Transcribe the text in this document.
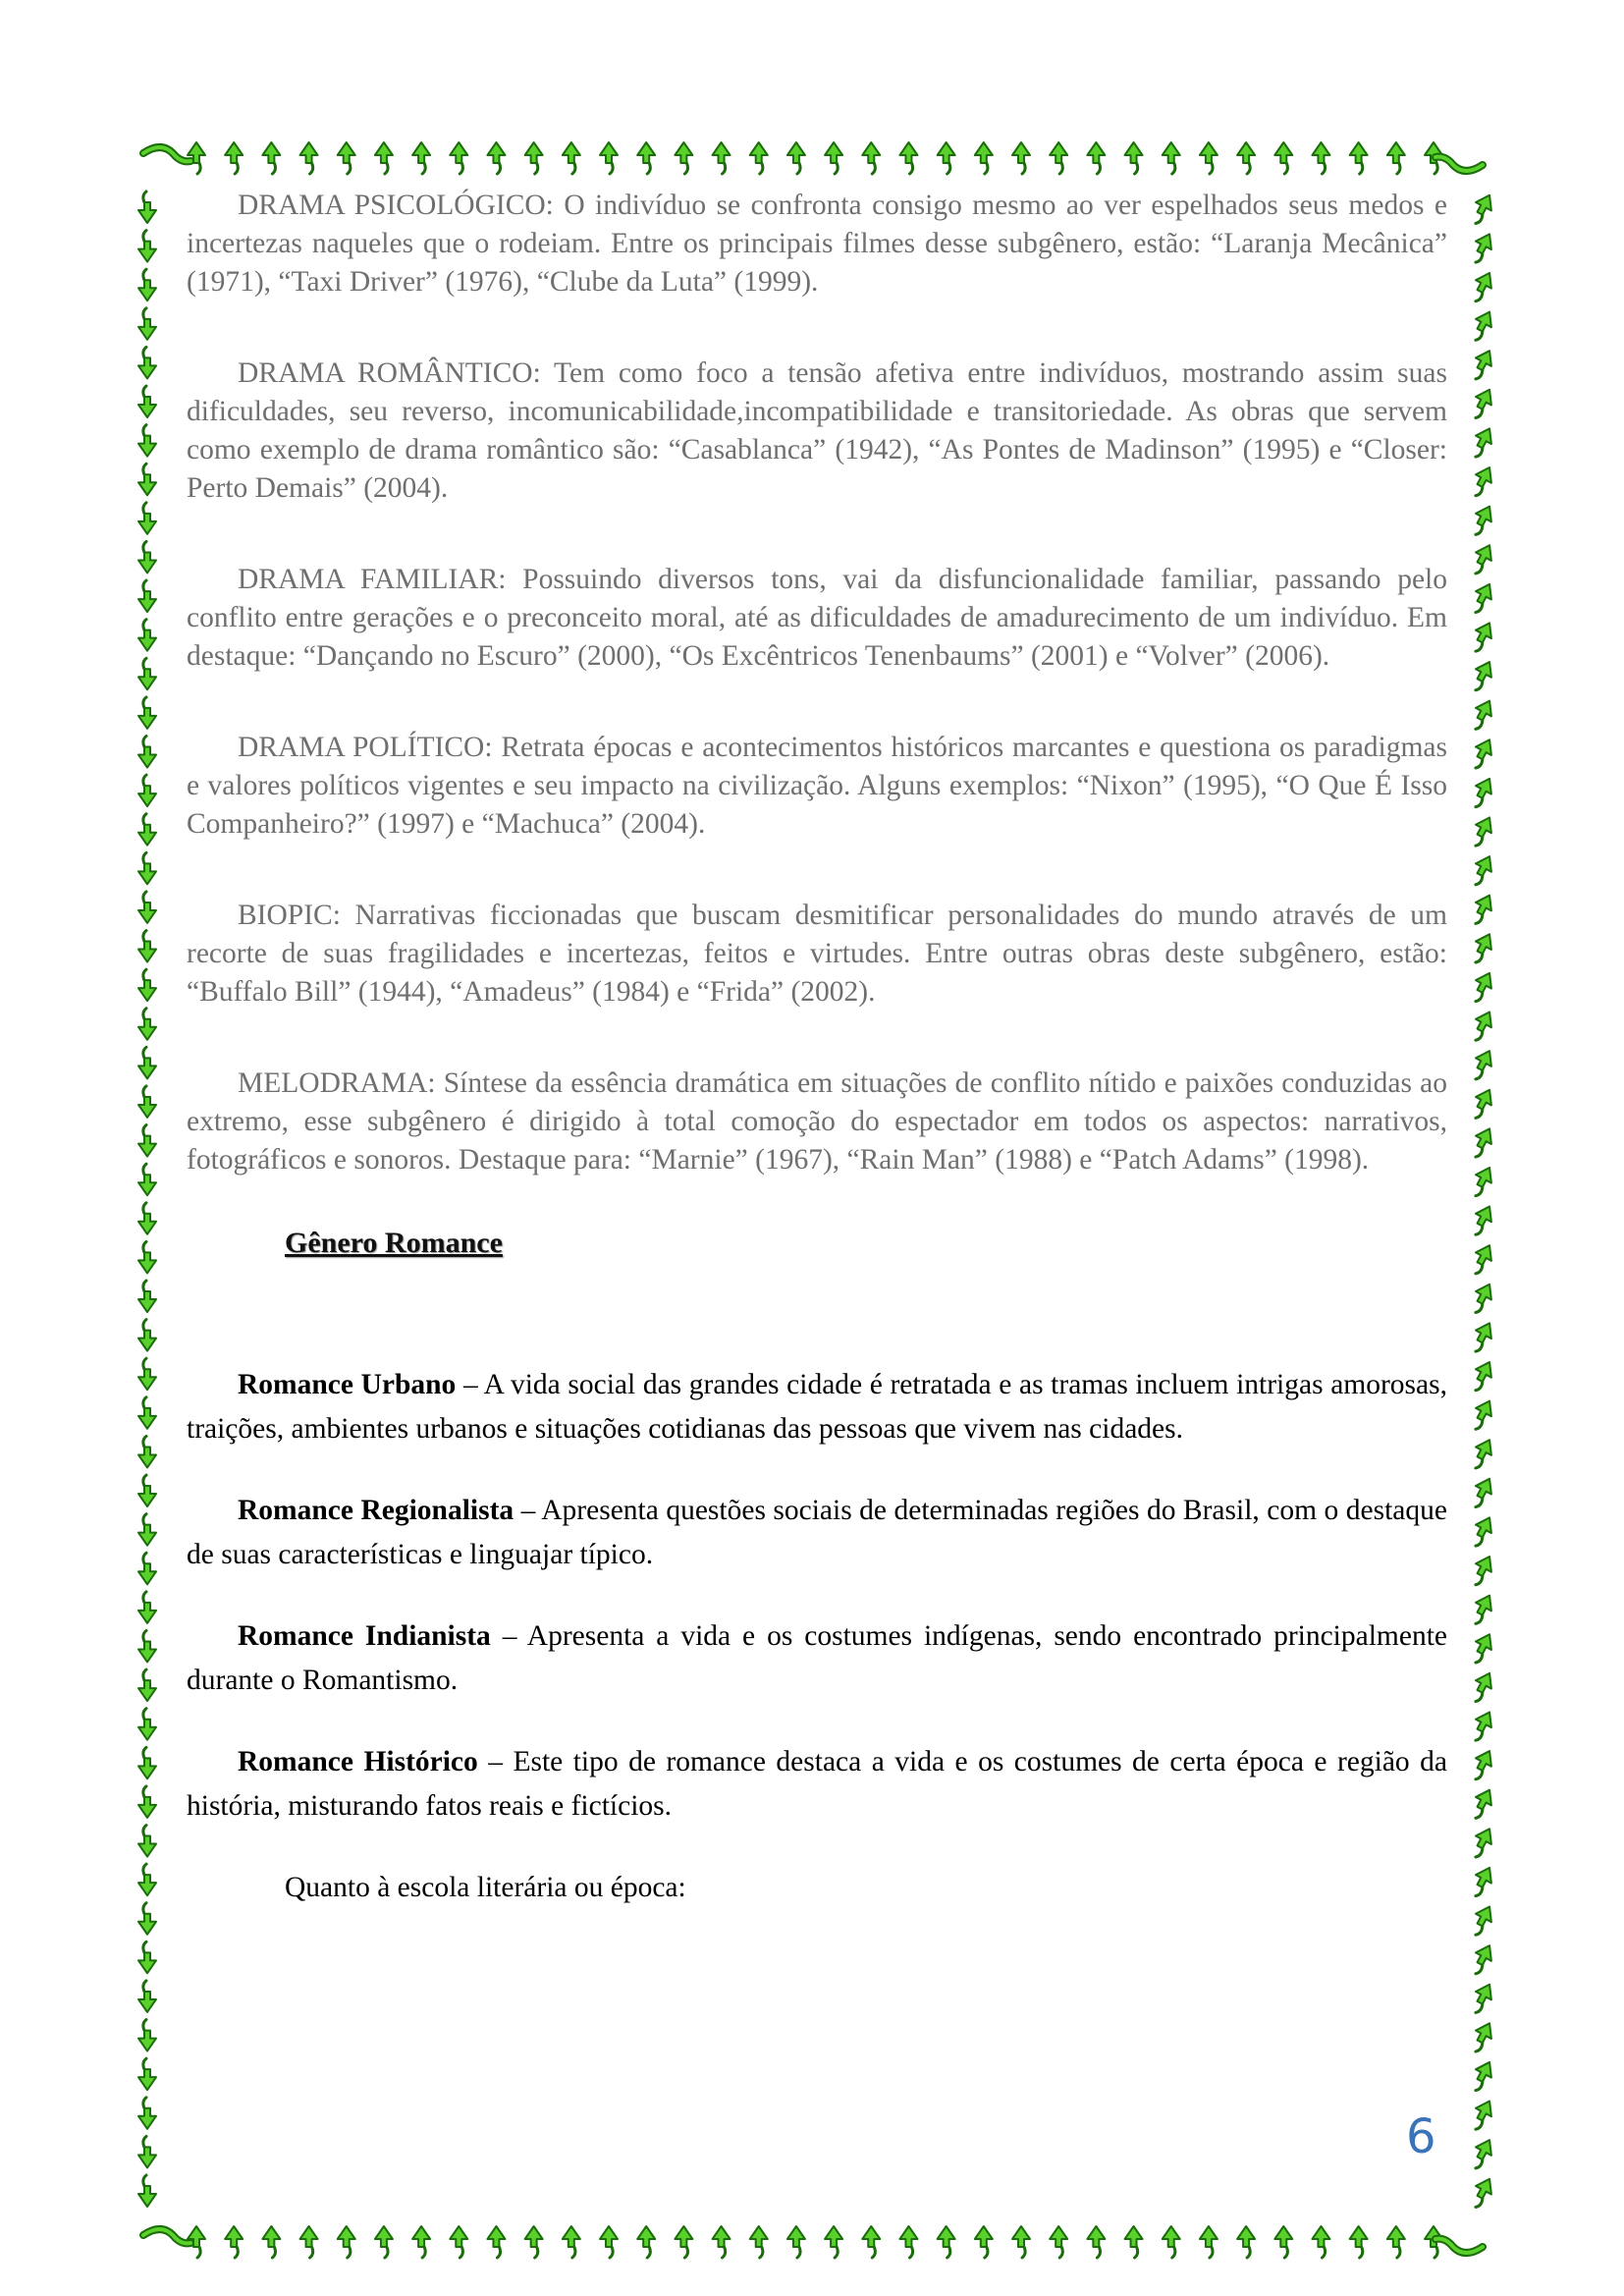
DRAMA PSICOLÓGICO: O indivíduo se confronta consigo mesmo ao ver espelhados seus medos e incertezas naqueles que o rodeiam. Entre os principais filmes desse subgênero, estão: “Laranja Mecânica” (1971), “Taxi Driver” (1976), “Clube da Luta” (1999).

DRAMA ROMÂNTICO: Tem como foco a tensão afetiva entre indivíduos, mostrando assim suas dificuldades, seu reverso, incomunicabilidade,incompatibilidade e transitoriedade. As obras que servem como exemplo de drama romântico são: “Casablanca” (1942), “As Pontes de Madinson” (1995) e “Closer: Perto Demais” (2004).

DRAMA FAMILIAR: Possuindo diversos tons, vai da disfuncionalidade familiar, passando pelo conflito entre gerações e o preconceito moral, até as dificuldades de amadurecimento de um indivíduo. Em destaque: “Dançando no Escuro” (2000), “Os Excêntricos Tenenbaums” (2001) e “Volver” (2006).

DRAMA POLÍTICO: Retrata épocas e acontecimentos históricos marcantes e questiona os paradigmas e valores políticos vigentes e seu impacto na civilização. Alguns exemplos: “Nixon” (1995), “O Que É Isso Companheiro?” (1997) e “Machuca” (2004).

BIOPIC: Narrativas ficcionadas que buscam desmitificar personalidades do mundo através de um recorte de suas fragilidades e incertezas, feitos e virtudes. Entre outras obras deste subgênero, estão: “Buffalo Bill” (1944), “Amadeus” (1984) e “Frida” (2002).

MELODRAMA: Síntese da essência dramática em situações de conflito nítido e paixões conduzidas ao extremo, esse subgênero é dirigido à total comoção do espectador em todos os aspectos: narrativos, fotográficos e sonoros. Destaque para: “Marnie” (1967), “Rain Man” (1988) e “Patch Adams” (1998).

Gênero Romance

Romance Urbano – A vida social das grandes cidade é retratada e as tramas incluem intrigas amorosas, traições, ambientes urbanos e situações cotidianas das pessoas que vivem nas cidades.

Romance Regionalista – Apresenta questões sociais de determinadas regiões do Brasil, com o destaque de suas características e linguajar típico.

Romance Indianista – Apresenta a vida e os costumes indígenas, sendo encontrado principalmente durante o Romantismo.

Romance Histórico – Este tipo de romance destaca a vida e os costumes de certa época e região da história, misturando fatos reais e fictícios.

Quanto à escola literária ou época:

6
